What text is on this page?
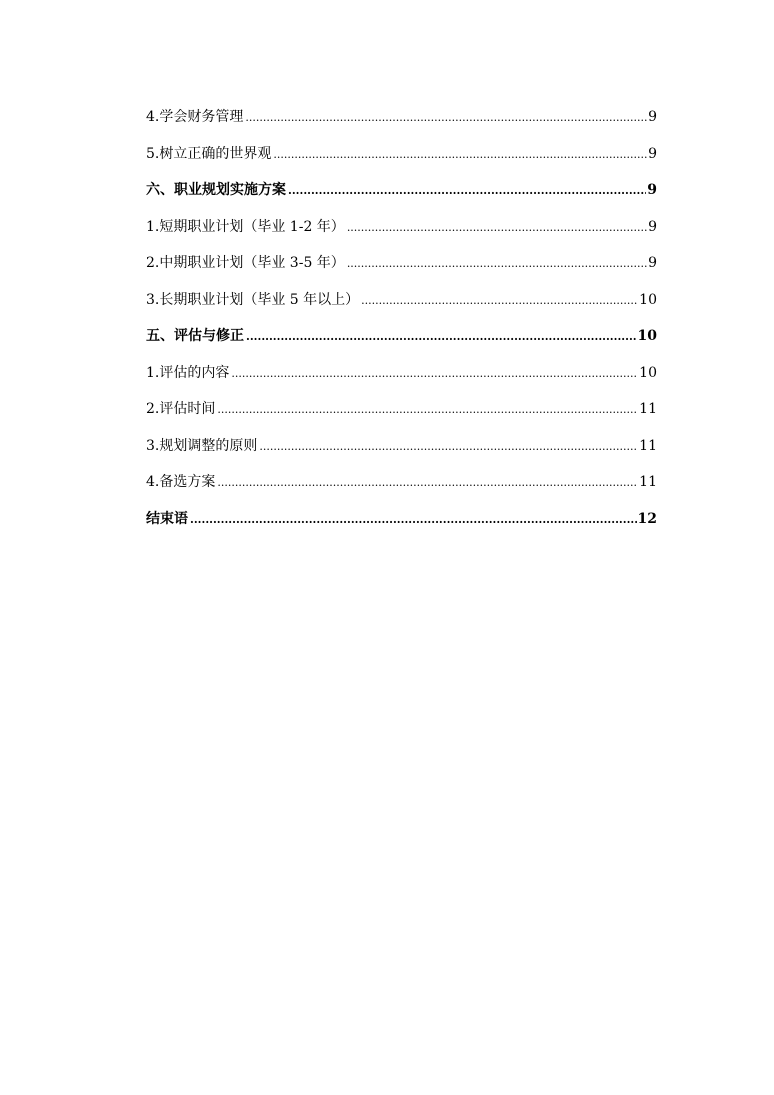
4.学会财务管理 .....	9
5.树立正确的世界观 .....	9
六、职业规划实施方案 .....	9
1.短期职业计划（毕业 1-2 年） .....	9
2.中期职业计划（毕业 3-5 年） .....	9
3.长期职业计划（毕业 5 年以上） .....	10
五、评估与修正 .....	10
1.评估的内容 .....	10
2.评估时间 .....	11
3.规划调整的原则 .....	11
4.备选方案 .....	11
结束语 .....	12
